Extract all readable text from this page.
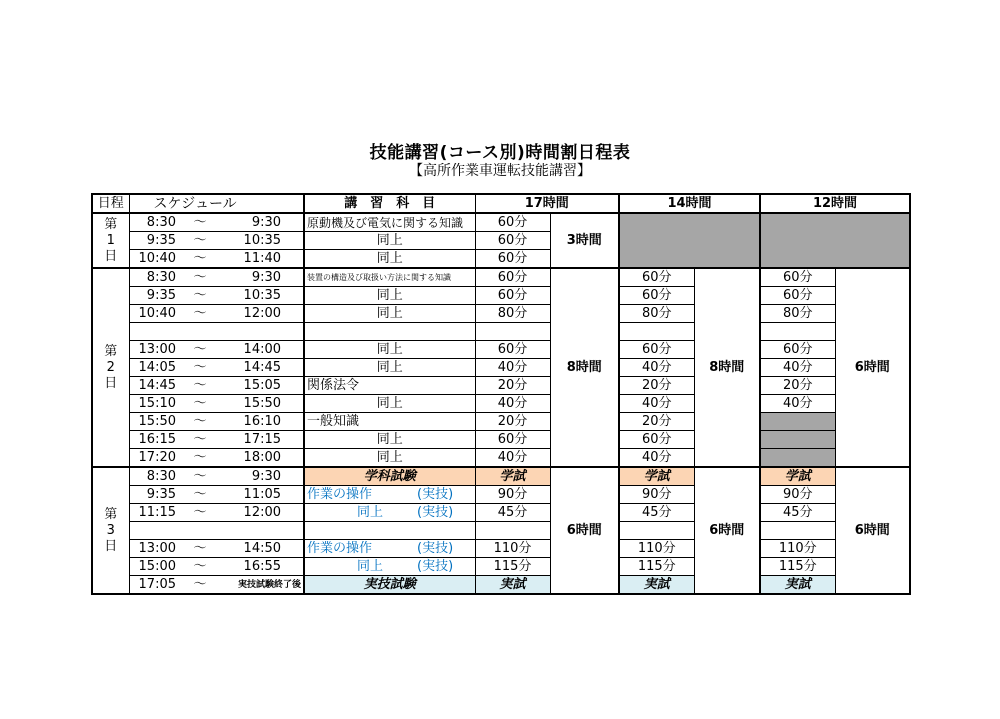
技能講習(コース別)時間割日程表
【高所作業車運転技能講習】
日程	スケジュール			講　習　科　目	17時間		14時間		12時間	
第
1
日	8:30	〜	9:30	原動機及び電気に関する知識	60分	3時間				
	9:35	〜	10:35	同上	60分					
	10:40	〜	11:40	同上	60分					
第
2
日	8:30	〜	9:30	装置の構造及び取扱い方法に関する知識	60分	8時間	60分	8時間	60分	6時間
	9:35	〜	10:35	同上	60分		60分		60分	
	10:40	〜	12:00	同上	80分		80分		80分	

	13:00	〜	14:00	同上	60分		60分		60分	
	14:05	〜	14:45	同上	40分		40分		40分	
	14:45	〜	15:05	関係法令	20分		20分		20分	
	15:10	〜	15:50	同上	40分		40分		40分	
	15:50	〜	16:10	一般知識	20分		20分			
	16:15	〜	17:15	同上	60分		60分			
	17:20	〜	18:00	同上	40分		40分			
第
3
日	8:30	〜	9:30	学科試験	学試	6時間	学試	6時間	学試	6時間
	9:35	〜	11:05	作業の操作 (実技)	90分		90分		90分	
	11:15	〜	12:00	同上 (実技)	45分		45分		45分	

	13:00	〜	14:50	作業の操作 (実技)	110分		110分		110分	
	15:00	〜	16:55	同上 (実技)	115分		115分		115分	
	17:05	〜	実技試験終了後	実技試験	実試		実試		実試	
